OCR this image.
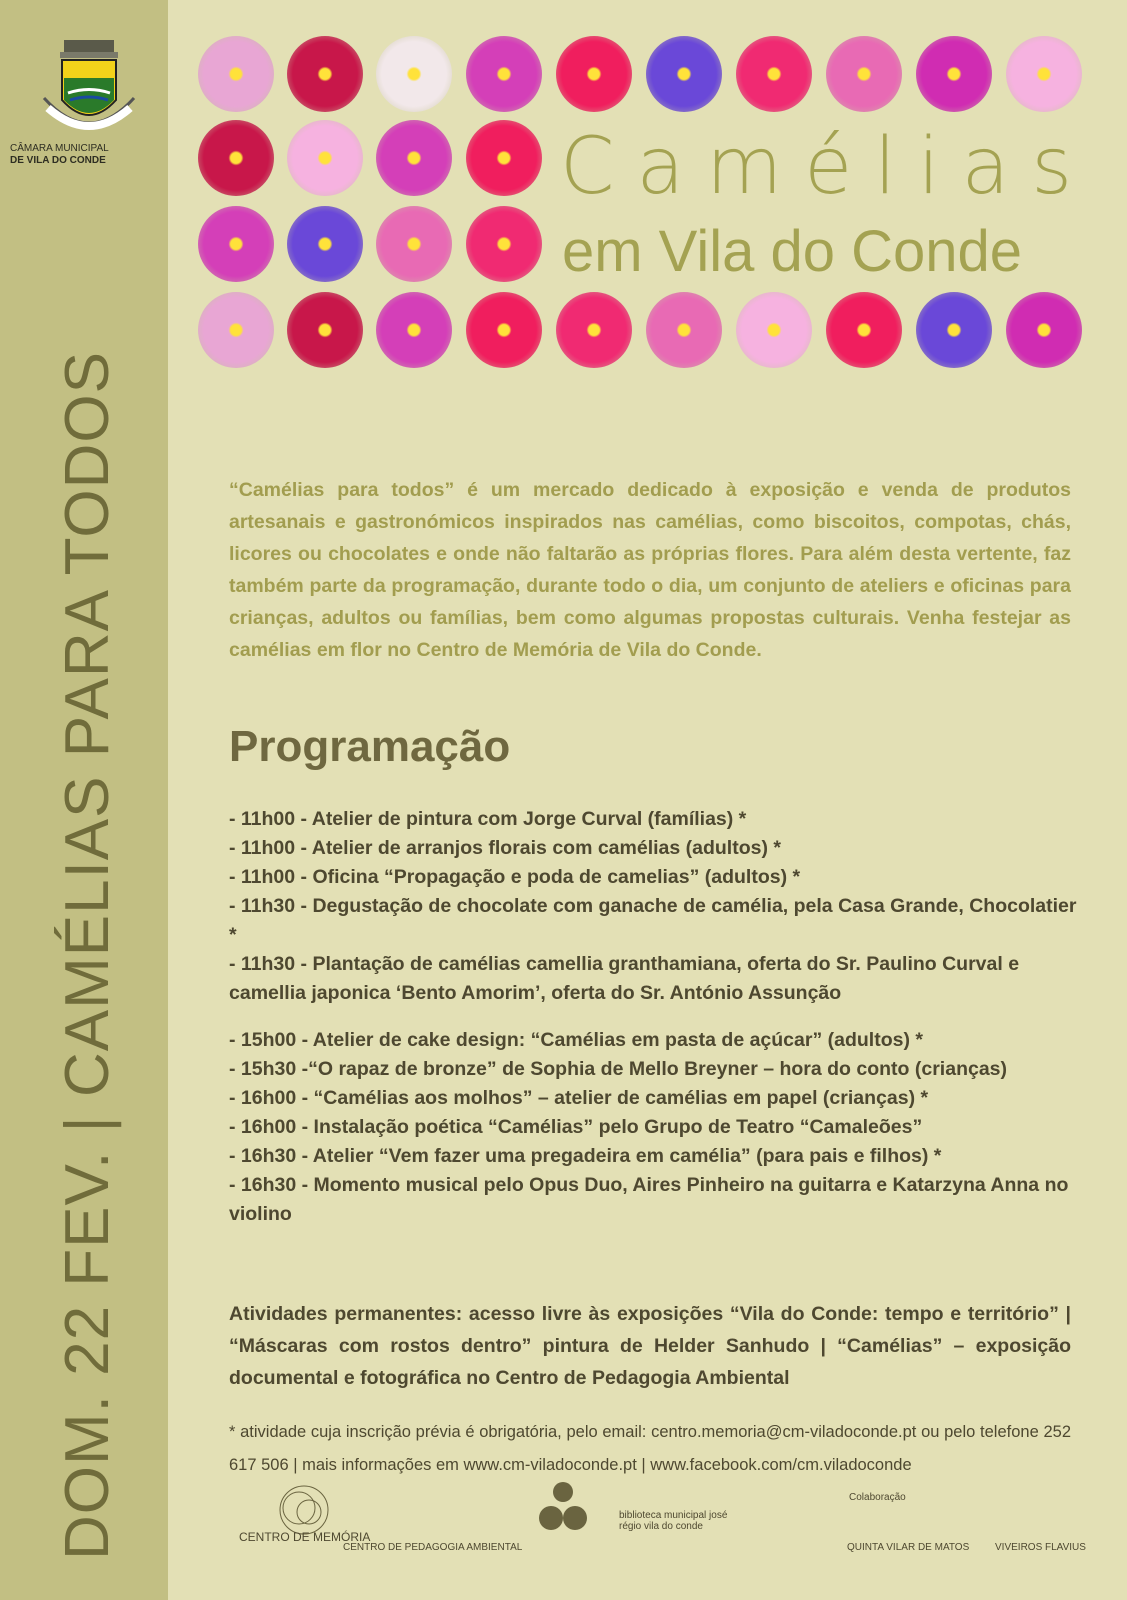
CÂMARA MUNICIPAL
DE VILA DO CONDE
DOM. 22 FEV. | CAMÉLIAS PARA TODOS
Camélias
em Vila do Conde
“Camélias para todos” é um mercado dedicado à exposição e venda de produtos artesanais e gastronómicos inspirados nas camélias, como biscoitos, compotas, chás, licores ou chocolates e onde não faltarão as próprias flores. Para além desta vertente, faz também parte da programação, durante todo o dia, um conjunto de ateliers e oficinas para crianças, adultos ou famílias, bem como algumas propostas culturais. Venha festejar as camélias em flor no Centro de Memória de Vila do Conde.
Programação
- 11h00 - Atelier de pintura com Jorge Curval (famílias) *
- 11h00 - Atelier de arranjos florais com camélias (adultos) *
- 11h00 - Oficina “Propagação e poda de camelias” (adultos) *
- 11h30 - Degustação de chocolate com ganache de camélia, pela Casa Grande, Chocolatier *
- 11h30 - Plantação de camélias camellia granthamiana, oferta do Sr. Paulino Curval e camellia japonica ‘Bento Amorim’, oferta do Sr. António Assunção
- 15h00 - Atelier de cake design: “Camélias em pasta de açúcar” (adultos) *
- 15h30 -“O rapaz de bronze” de Sophia de Mello Breyner – hora do conto (crianças)
- 16h00 - “Camélias aos molhos” – atelier de camélias em papel (crianças) *
- 16h00 - Instalação poética “Camélias” pelo Grupo de Teatro “Camaleões”
- 16h30 - Atelier “Vem fazer uma pregadeira em camélia” (para pais e filhos) *
- 16h30 - Momento musical pelo Opus Duo, Aires Pinheiro na guitarra e Katarzyna Anna no violino
Atividades permanentes: acesso livre às exposições “Vila do Conde: tempo e território” | “Máscaras com rostos dentro” pintura de Helder Sanhudo | “Camélias” – exposição documental e fotográfica no Centro de Pedagogia Ambiental
* atividade cuja inscrição prévia é obrigatória, pelo email: centro.memoria@cm-viladoconde.pt ou pelo telefone 252 617 506 | mais informações em www.cm-viladoconde.pt | www.facebook.com/cm.viladoconde
CENTRO DE MEMÓRIA
CENTRO DE PEDAGOGIA AMBIENTAL
biblioteca municipal josé régio vila do conde
Colaboração
QUINTA VILAR DE MATOS	VIVEIROS FLAVIUS
